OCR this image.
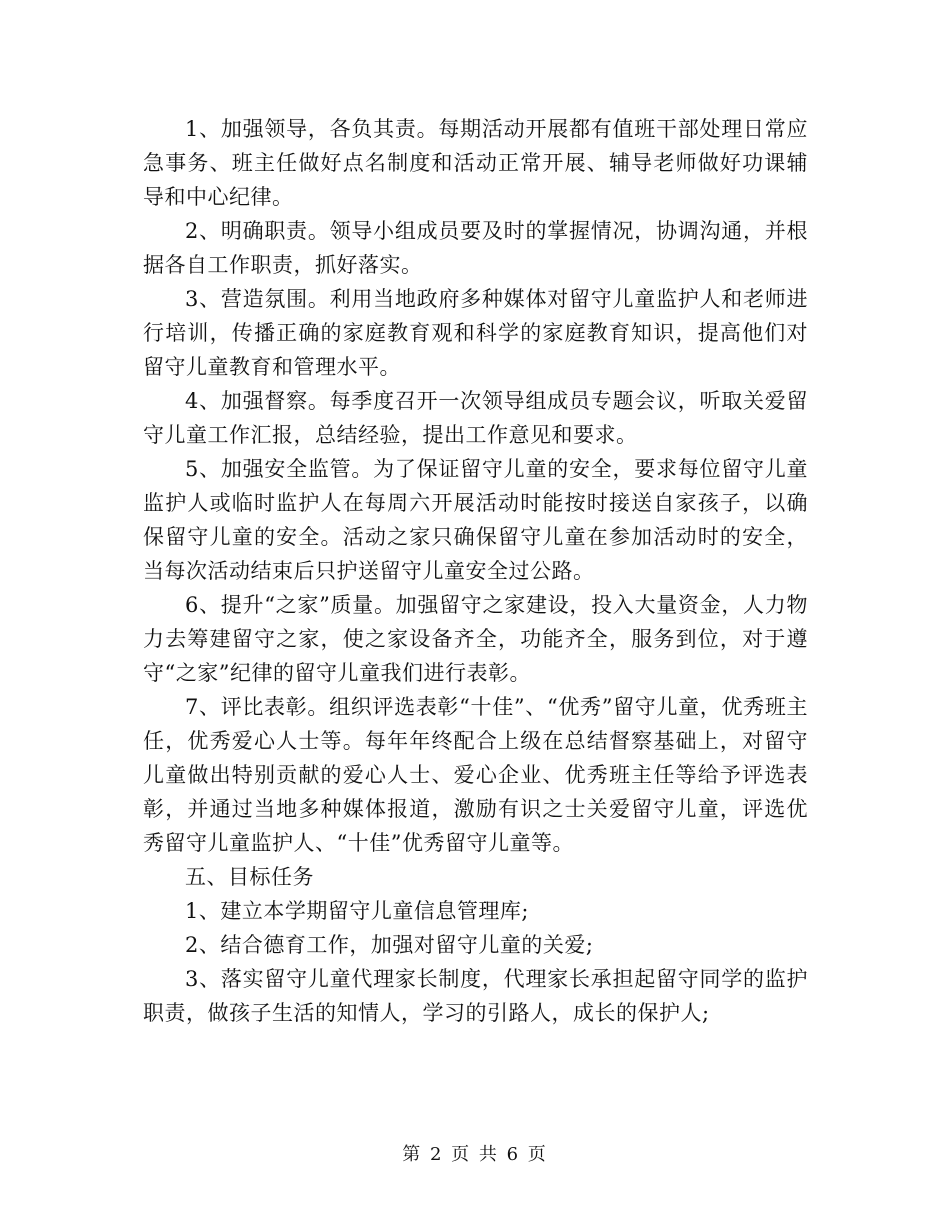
1、加强领导，各负其责。每期活动开展都有值班干部处理日常应急事务、班主任做好点名制度和活动正常开展、辅导老师做好功课辅导和中心纪律。

2、明确职责。领导小组成员要及时的掌握情况，协调沟通，并根据各自工作职责，抓好落实。

3、营造氛围。利用当地政府多种媒体对留守儿童监护人和老师进行培训，传播正确的家庭教育观和科学的家庭教育知识，提高他们对留守儿童教育和管理水平。

4、加强督察。每季度召开一次领导组成员专题会议，听取关爱留守儿童工作汇报，总结经验，提出工作意见和要求。

5、加强安全监管。为了保证留守儿童的安全，要求每位留守儿童监护人或临时监护人在每周六开展活动时能按时接送自家孩子，以确保留守儿童的安全。活动之家只确保留守儿童在参加活动时的安全，当每次活动结束后只护送留守儿童安全过公路。

6、提升“之家”质量。加强留守之家建设，投入大量资金，人力物力去筹建留守之家，使之家设备齐全，功能齐全，服务到位，对于遵守“之家”纪律的留守儿童我们进行表彰。

7、评比表彰。组织评选表彰“十佳”、“优秀”留守儿童，优秀班主任，优秀爱心人士等。每年年终配合上级在总结督察基础上，对留守儿童做出特别贡献的爱心人士、爱心企业、优秀班主任等给予评选表彰，并通过当地多种媒体报道，激励有识之士关爱留守儿童，评选优秀留守儿童监护人、“十佳”优秀留守儿童等。

五、目标任务

1、建立本学期留守儿童信息管理库;

2、结合德育工作，加强对留守儿童的关爱;

3、落实留守儿童代理家长制度，代理家长承担起留守同学的监护职责，做孩子生活的知情人，学习的引路人，成长的保护人;

第 2 页 共 6 页
